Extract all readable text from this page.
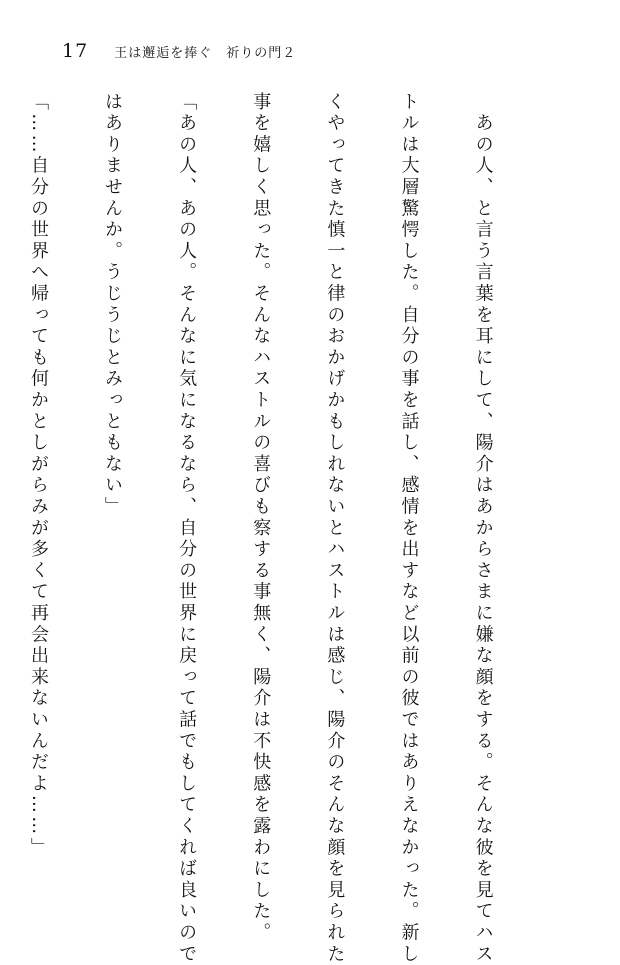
17 王は邂逅を捧ぐ　祈りの門２

　あの人、と言う言葉を耳にして、陽介はあからさまに嫌な顔をする。そんな彼を見てハス

トルは大層驚愕した。自分の事を話し、感情を出すなど以前の彼ではありえなかった。新し

くやってきた慎一と律のおかげかもしれないとハストルは感じ、陽介のそんな顔を見られた

事を嬉しく思った。そんなハストルの喜びも察する事無く、陽介は不快感を露わにした。

「あの人、あの人。そんなに気になるなら、自分の世界に戻って話でもしてくれば良いので

はありませんか。うじうじとみっともない」

「……自分の世界へ帰っても何かとしがらみが多くて再会出来ないんだよ……」
